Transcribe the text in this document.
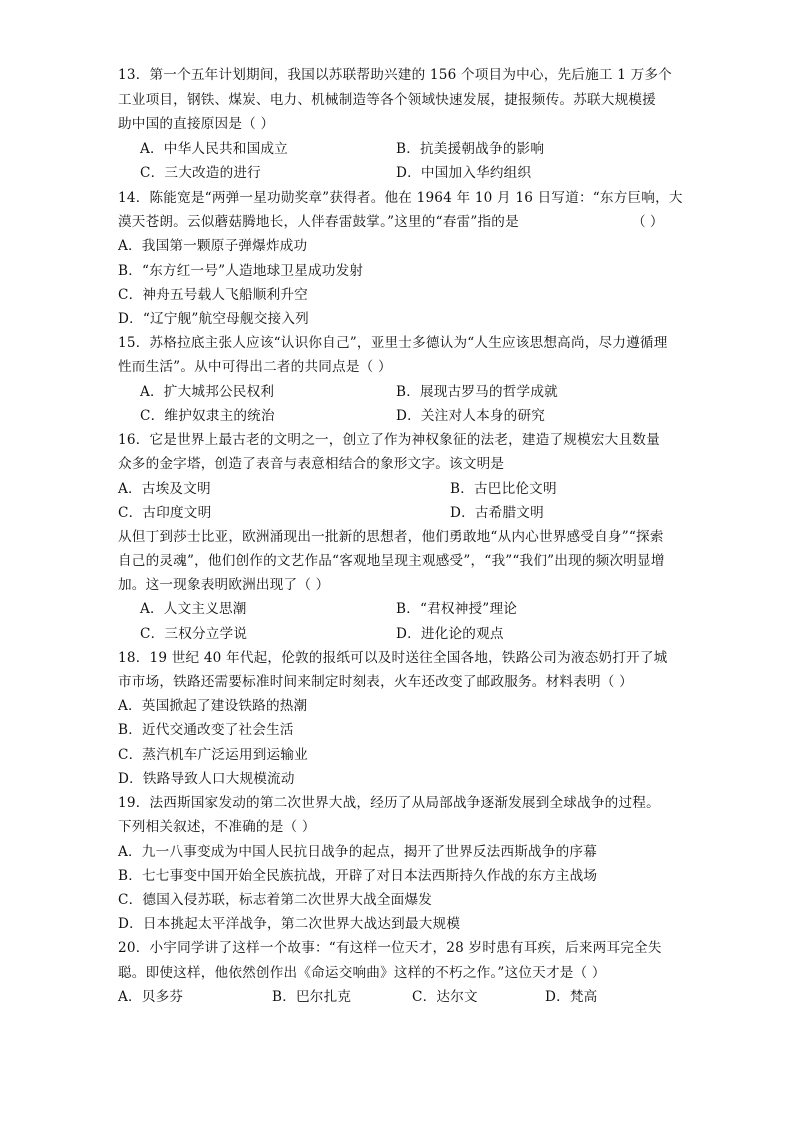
13．第一个五年计划期间，我国以苏联帮助兴建的 156 个项目为中心，先后施工 1 万多个
工业项目，钢铁、煤炭、电力、机械制造等各个领域快速发展，捷报频传。苏联大规模援
助中国的直接原因是（ ）
A．中华人民共和国成立	B．抗美援朝战争的影响
C．三大改造的进行	D．中国加入华约组织
14．陈能宽是“两弹一星功勋奖章”获得者。他在 1964 年 10 月 16 日写道：“东方巨响，大
漠天苍朗。云似蘑菇腾地长，人伴春雷鼓掌。”这里的“春雷”指的是	（ ）
A．我国第一颗原子弹爆炸成功
B．“东方红一号”人造地球卫星成功发射
C．神舟五号载人飞船顺利升空
D．“辽宁舰”航空母舰交接入列
15．苏格拉底主张人应该“认识你自己”，亚里士多德认为“人生应该思想高尚，尽力遵循理
性而生活”。从中可得出二者的共同点是（ ）
A．扩大城邦公民权利	B．展现古罗马的哲学成就
C．维护奴隶主的统治	D．关注对人本身的研究
16．它是世界上最古老的文明之一，创立了作为神权象征的法老，建造了规模宏大且数量
众多的金字塔，创造了表音与表意相结合的象形文字。该文明是
A．古埃及文明	B．古巴比伦文明
C．古印度文明	D．古希腊文明
从但丁到莎士比亚，欧洲涌现出一批新的思想者，他们勇敢地“从内心世界感受自身”“探索
自己的灵魂”，他们创作的文艺作品“客观地呈现主观感受”，“我”“我们”出现的频次明显增
加。这一现象表明欧洲出现了（ ）
A．人文主义思潮	B．“君权神授”理论
C．三权分立学说	D．进化论的观点
18．19 世纪 40 年代起，伦敦的报纸可以及时送往全国各地，铁路公司为液态奶打开了城
市市场，铁路还需要标准时间来制定时刻表，火车还改变了邮政服务。材料表明（ ）
A．英国掀起了建设铁路的热潮
B．近代交通改变了社会生活
C．蒸汽机车广泛运用到运输业
D．铁路导致人口大规模流动
19．法西斯国家发动的第二次世界大战，经历了从局部战争逐渐发展到全球战争的过程。
下列相关叙述，不准确的是（ ）
A．九一八事变成为中国人民抗日战争的起点，揭开了世界反法西斯战争的序幕
B．七七事变中国开始全民族抗战，开辟了对日本法西斯持久作战的东方主战场
C．德国入侵苏联，标志着第二次世界大战全面爆发
D．日本挑起太平洋战争，第二次世界大战达到最大规模
20．小宇同学讲了这样一个故事：“有这样一位天才，28 岁时患有耳疾，后来两耳完全失
聪。即使这样，他依然创作出《命运交响曲》这样的不朽之作。”这位天才是（ ）
A．贝多芬	B．巴尔扎克	C．达尔文	D．梵高
